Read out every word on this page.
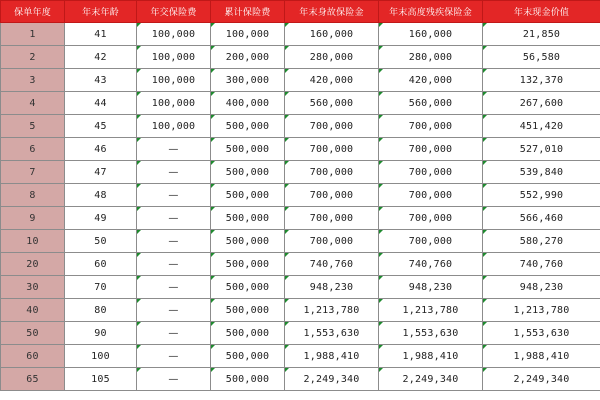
保单年度	年末年龄	年交保险费	累计保险费	年末身故保险金	年末高度残疾保险金	年末现金价值
1	41	100,000	100,000	160,000	160,000	21,850
2	42	100,000	200,000	280,000	280,000	56,580
3	43	100,000	300,000	420,000	420,000	132,370
4	44	100,000	400,000	560,000	560,000	267,600
5	45	100,000	500,000	700,000	700,000	451,420
6	46	—	500,000	700,000	700,000	527,010
7	47	—	500,000	700,000	700,000	539,840
8	48	—	500,000	700,000	700,000	552,990
9	49	—	500,000	700,000	700,000	566,460
10	50	—	500,000	700,000	700,000	580,270
20	60	—	500,000	740,760	740,760	740,760
30	70	—	500,000	948,230	948,230	948,230
40	80	—	500,000	1,213,780	1,213,780	1,213,780
50	90	—	500,000	1,553,630	1,553,630	1,553,630
60	100	—	500,000	1,988,410	1,988,410	1,988,410
65	105	—	500,000	2,249,340	2,249,340	2,249,340
